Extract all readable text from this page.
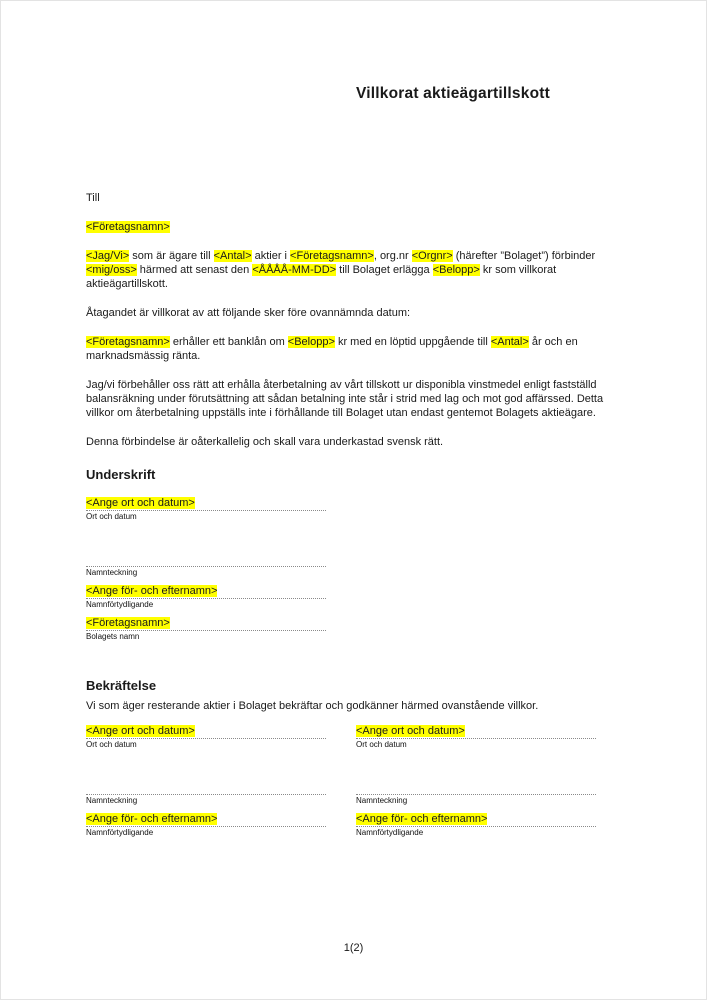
Villkorat aktieägartillskott

Till

<Företagsnamn>

<Jag/Vi> som är ägare till <Antal> aktier i <Företagsnamn>, org.nr <Orgnr> (härefter ”Bolaget”) förbinder <mig/oss> härmed att senast den <ÅÅÅÅ-MM-DD> till Bolaget erlägga <Belopp> kr som villkorat aktieägartillskott.

Åtagandet är villkorat av att följande sker före ovannämnda datum:

<Företagsnamn> erhåller ett banklån om <Belopp> kr med en löptid uppgående till <Antal> år och en marknadsmässig ränta.

Jag/vi förbehåller oss rätt att erhålla återbetalning av vårt tillskott ur disponibla vinstmedel enligt fastställd balansräkning under förutsättning att sådan betalning inte står i strid med lag och mot god affärssed. Detta villkor om återbetalning uppställs inte i förhållande till Bolaget utan endast gentemot Bolagets aktieägare.

Denna förbindelse är oåterkallelig och skall vara underkastad svensk rätt.

Underskrift
<Ange ort och datum>
Ort och datum
Namnteckning
<Ange för- och efternamn>
Namnförtydligande
<Företagsnamn>
Bolagets namn
Bekräftelse

Vi som äger resterande aktier i Bolaget bekräftar och godkänner härmed ovanstående villkor.

<Ange ort och datum>
Ort och datum
Namnteckning
<Ange för- och efternamn>
Namnförtydligande
<Ange ort och datum>
Ort och datum
Namnteckning
<Ange för- och efternamn>
Namnförtydligande
1(2)
